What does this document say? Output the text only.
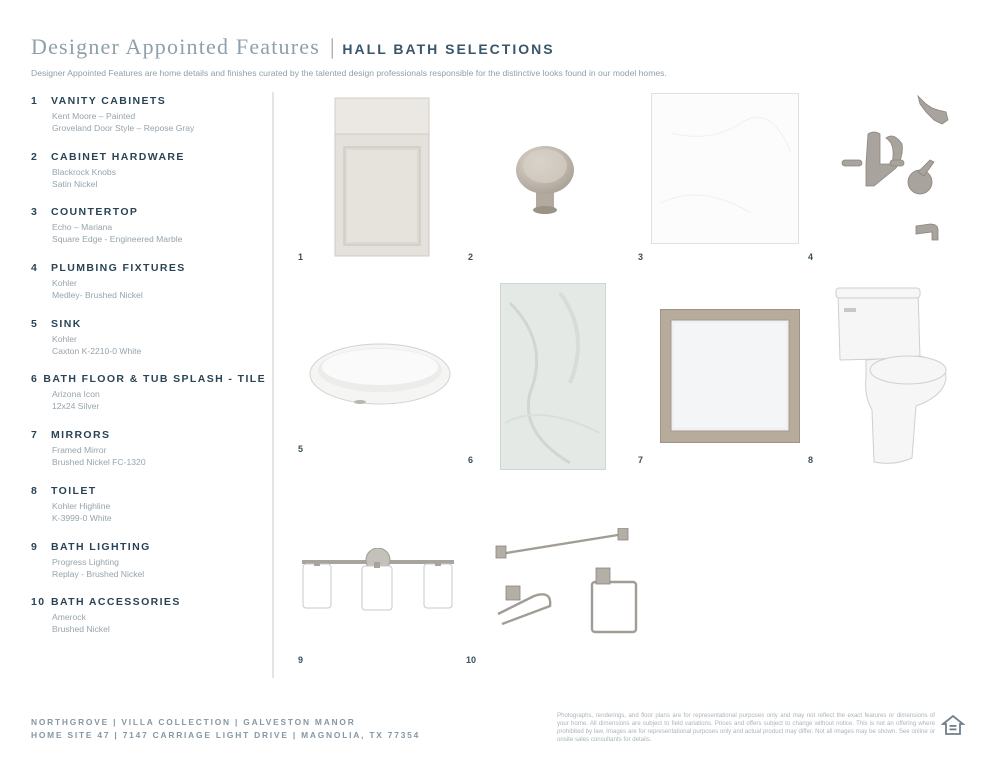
Designer Appointed Features | HALL BATH SELECTIONS
Designer Appointed Features are home details and finishes curated by the talented design professionals responsible for the distinctive looks found in our model homes.
1	VANITY CABINETS
Kent Moore – Painted
Groveland Door Style – Repose Gray
2	CABINET HARDWARE
Blackrock Knobs
Satin Nickel
3	COUNTERTOP
Echo – Mariana
Square Edge - Engineered Marble
4	PLUMBING FIXTURES
Kohler
Medley- Brushed Nickel
5	SINK
Kohler
Caxton K-2210-0 White
6 BATH FLOOR & TUB SPLASH - TILE
Arizona Icon
12x24 Silver
7	MIRRORS
Framed Mirror
Brushed Nickel FC-1320
8	TOILET
Kohler Highline
K-3999-0 White
9	BATH LIGHTING
Progress Lighting
Replay - Brushed Nickel
10 BATH ACCESSORIES
Amerock
Brushed Nickel
1	2	3	4
5
6	7	8
9	10
NORTHGROVE | VILLA COLLECTION | GALVESTON MANOR
HOME SITE 47 | 7147 CARRIAGE LIGHT DRIVE | MAGNOLIA, TX 77354
Photographs, renderings, and floor plans are for representational purposes only and may not reflect the exact features or dimensions of your home. All dimensions are subject to field variations. Prices and offers subject to change without notice. This is not an offering where prohibited by law. Images are for representational purposes only and actual product may differ. Not all images may be shown. See online or onsite sales consultants for details.
